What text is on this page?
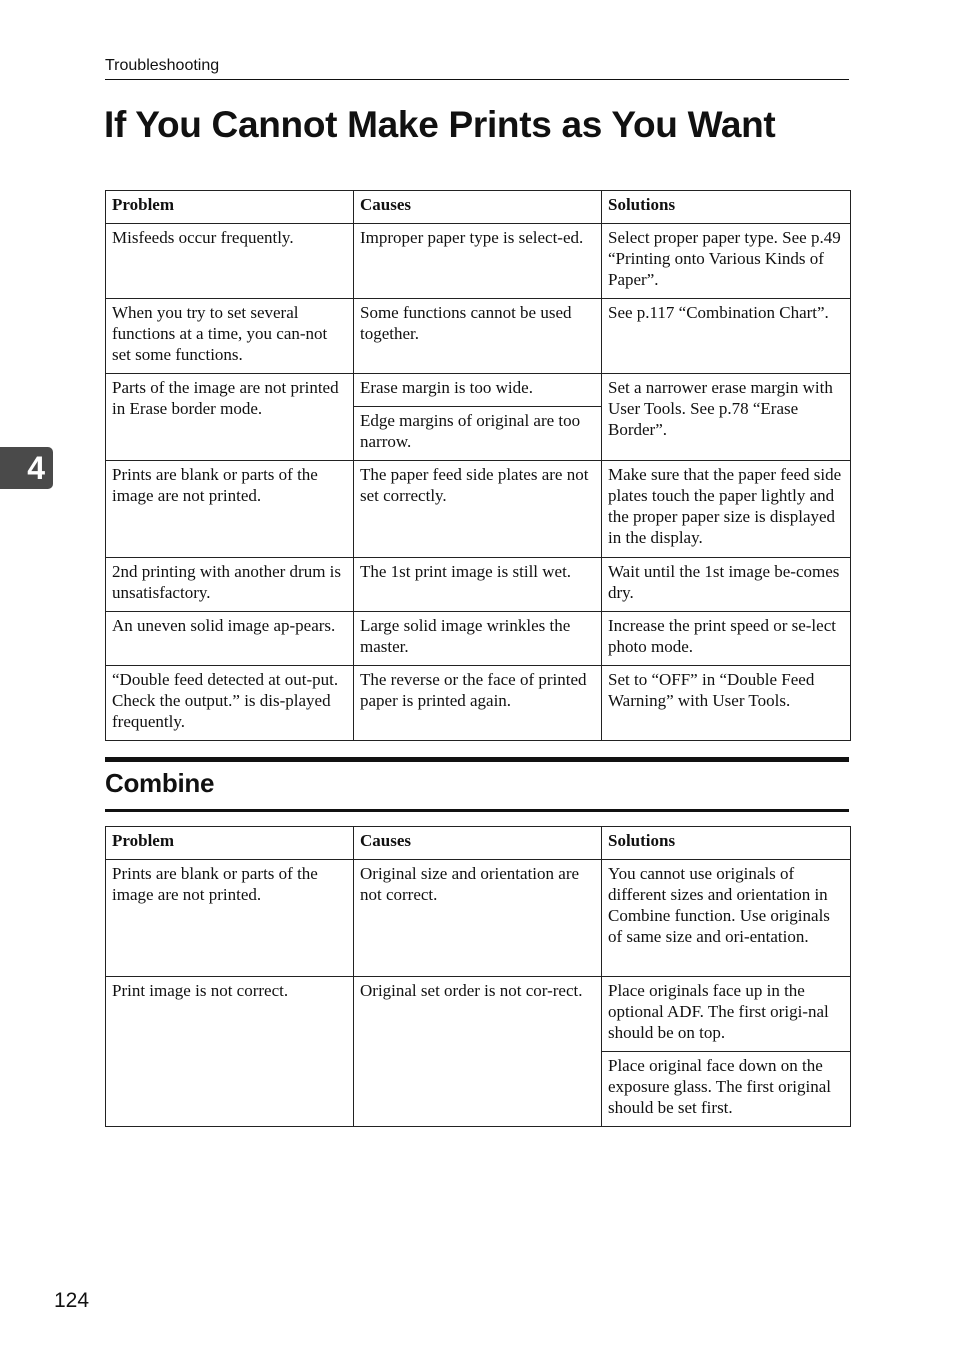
Troubleshooting
If You Cannot Make Prints as You Want
Problem	Causes	Solutions
Misfeeds occur frequently.	Improper paper type is select-ed.	Select proper paper type. See p.49 “Printing onto Various Kinds of Paper”.
When you try to set several functions at a time, you can-not set some functions.	Some functions cannot be used together.	See p.117 “Combination Chart”.
Parts of the image are not printed in Erase border mode.	Erase margin is too wide.	Set a narrower erase margin with User Tools. See p.78 “Erase Border”.
	Edge margins of original are too narrow.	
Prints are blank or parts of the image are not printed.	The paper feed side plates are not set correctly.	Make sure that the paper feed side plates touch the paper lightly and the proper paper size is displayed in the display.
2nd printing with another drum is unsatisfactory.	The 1st print image is still wet.	Wait until the 1st image be-comes dry.
An uneven solid image ap-pears.	Large solid image wrinkles the master.	Increase the print speed or se-lect photo mode.
“Double feed detected at out-put. Check the output.” is dis-played frequently.	The reverse or the face of printed paper is printed again.	Set to “OFF” in “Double Feed Warning” with User Tools.
Combine
Problem	Causes	Solutions
Prints are blank or parts of the image are not printed.	Original size and orientation are not correct.	You cannot use originals of different sizes and orientation in Combine function. Use originals of same size and ori-entation.
Print image is not correct.	Original set order is not cor-rect.	Place originals face up in the optional ADF. The first origi-nal should be on top.
		Place original face down on the exposure glass. The first original should be set first.
4
124
